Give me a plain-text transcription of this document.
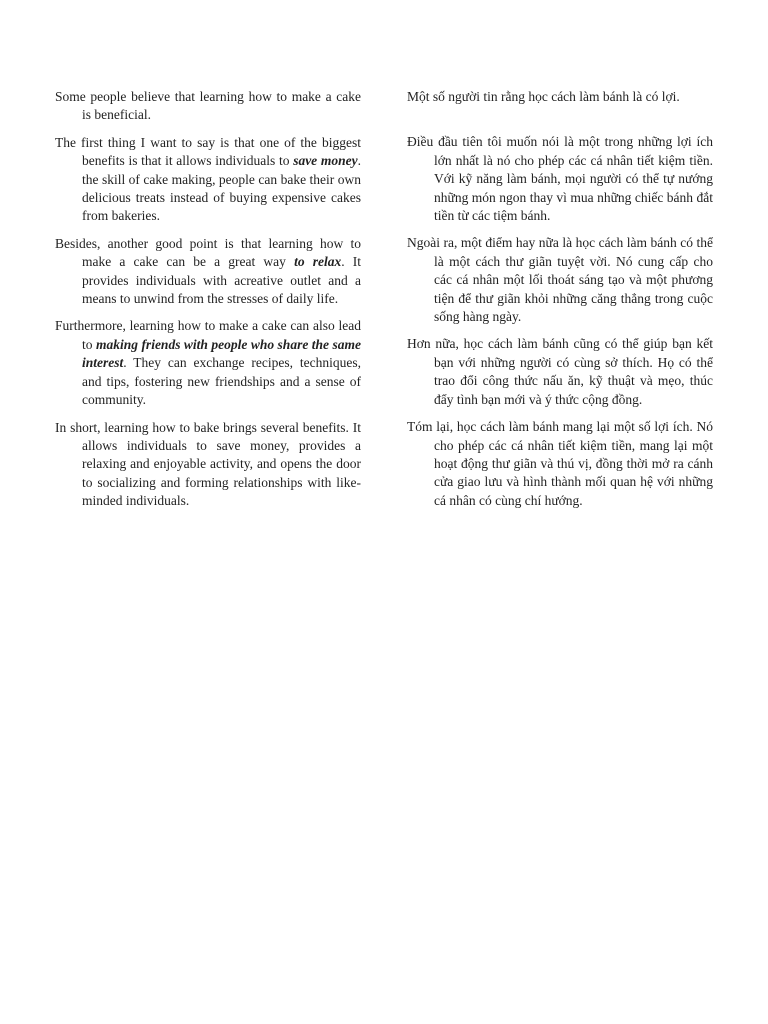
Some people believe that learning how to make a cake is beneficial.

The first thing I want to say is that one of the biggest benefits is that it allows individuals to save money. the skill of cake making, people can bake their own delicious treats instead of buying expensive cakes from bakeries.

Besides, another good point is that learning how to make a cake can be a great way to relax. It provides individuals with acreative outlet and a means to unwind from the stresses of daily life.

Furthermore, learning how to make a cake can also lead to making friends with people who share the same interest. They can exchange recipes, techniques, and tips, fostering new friendships and a sense of community.

In short, learning how to bake brings several benefits. It allows individuals to save money, provides a relaxing and enjoyable activity, and opens the door to socializing and forming relationships with like-minded individuals.

Một số người tin rằng học cách làm bánh là có lợi.

Điều đầu tiên tôi muốn nói là một trong những lợi ích lớn nhất là nó cho phép các cá nhân tiết kiệm tiền. Với kỹ năng làm bánh, mọi người có thể tự nướng những món ngon thay vì mua những chiếc bánh đắt tiền từ các tiệm bánh.

Ngoài ra, một điểm hay nữa là học cách làm bánh có thể là một cách thư giãn tuyệt vời. Nó cung cấp cho các cá nhân một lối thoát sáng tạo và một phương tiện để thư giãn khỏi những căng thẳng trong cuộc sống hàng ngày.

Hơn nữa, học cách làm bánh cũng có thể giúp bạn kết bạn với những người có cùng sở thích. Họ có thể trao đổi công thức nấu ăn, kỹ thuật và mẹo, thúc đẩy tình bạn mới và ý thức cộng đồng.

Tóm lại, học cách làm bánh mang lại một số lợi ích. Nó cho phép các cá nhân tiết kiệm tiền, mang lại một hoạt động thư giãn và thú vị, đồng thời mở ra cánh cửa giao lưu và hình thành mối quan hệ với những cá nhân có cùng chí hướng.
